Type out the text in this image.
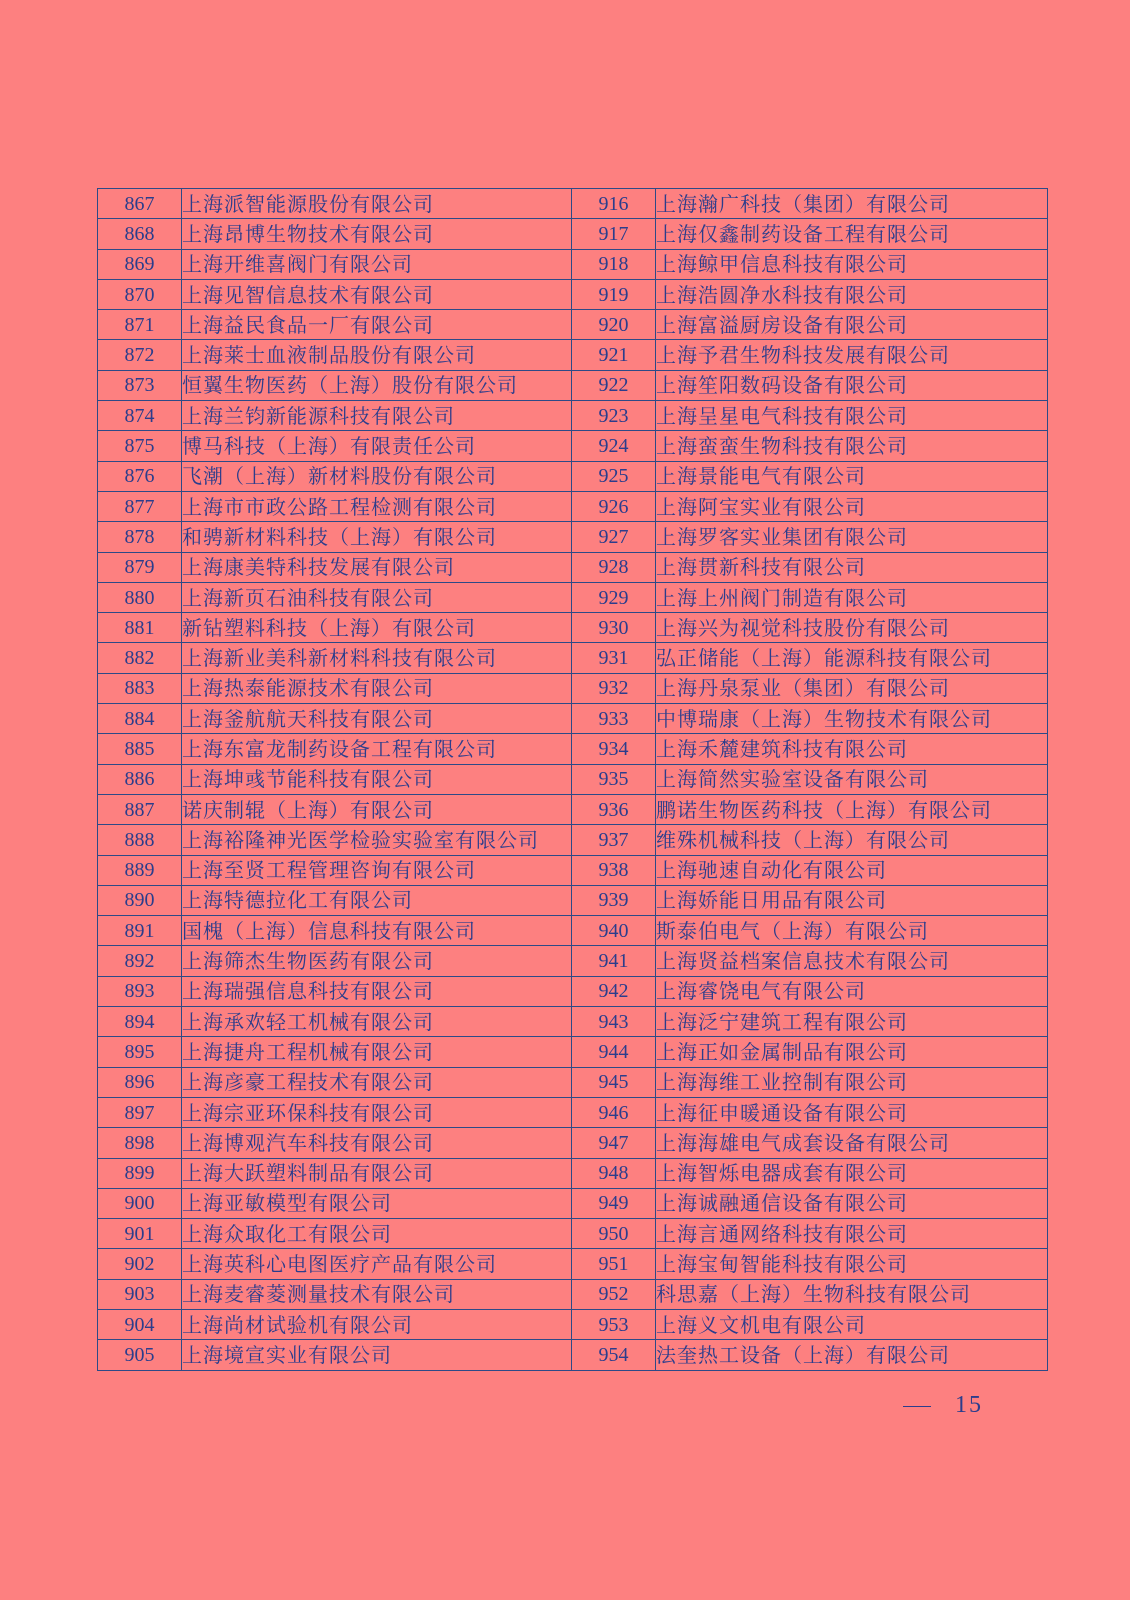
867	上海派智能源股份有限公司	916	上海瀚广科技（集团）有限公司
868	上海昂博生物技术有限公司	917	上海仅鑫制药设备工程有限公司
869	上海开维喜阀门有限公司	918	上海鲸甲信息科技有限公司
870	上海见智信息技术有限公司	919	上海浩圆净水科技有限公司
871	上海益民食品一厂有限公司	920	上海富溢厨房设备有限公司
872	上海莱士血液制品股份有限公司	921	上海予君生物科技发展有限公司
873	恒翼生物医药（上海）股份有限公司	922	上海笙阳数码设备有限公司
874	上海兰钧新能源科技有限公司	923	上海呈星电气科技有限公司
875	博马科技（上海）有限责任公司	924	上海蛮蛮生物科技有限公司
876	飞潮（上海）新材料股份有限公司	925	上海景能电气有限公司
877	上海市市政公路工程检测有限公司	926	上海阿宝实业有限公司
878	和骋新材料科技（上海）有限公司	927	上海罗客实业集团有限公司
879	上海康美特科技发展有限公司	928	上海贯新科技有限公司
880	上海新页石油科技有限公司	929	上海上州阀门制造有限公司
881	新钻塑料科技（上海）有限公司	930	上海兴为视觉科技股份有限公司
882	上海新业美科新材料科技有限公司	931	弘正储能（上海）能源科技有限公司
883	上海热泰能源技术有限公司	932	上海丹泉泵业（集团）有限公司
884	上海釜航航天科技有限公司	933	中博瑞康（上海）生物技术有限公司
885	上海东富龙制药设备工程有限公司	934	上海禾麓建筑科技有限公司
886	上海坤彧节能科技有限公司	935	上海简然实验室设备有限公司
887	诺庆制辊（上海）有限公司	936	鹏诺生物医药科技（上海）有限公司
888	上海裕隆神光医学检验实验室有限公司	937	维殊机械科技（上海）有限公司
889	上海至贤工程管理咨询有限公司	938	上海驰速自动化有限公司
890	上海特德拉化工有限公司	939	上海娇能日用品有限公司
891	国槐（上海）信息科技有限公司	940	斯泰伯电气（上海）有限公司
892	上海筛杰生物医药有限公司	941	上海贤益档案信息技术有限公司
893	上海瑞强信息科技有限公司	942	上海睿饶电气有限公司
894	上海承欢轻工机械有限公司	943	上海泛宁建筑工程有限公司
895	上海捷舟工程机械有限公司	944	上海正如金属制品有限公司
896	上海彦豪工程技术有限公司	945	上海海维工业控制有限公司
897	上海宗亚环保科技有限公司	946	上海征申暖通设备有限公司
898	上海博观汽车科技有限公司	947	上海海雄电气成套设备有限公司
899	上海大跃塑料制品有限公司	948	上海智烁电器成套有限公司
900	上海亚敏模型有限公司	949	上海诚融通信设备有限公司
901	上海众取化工有限公司	950	上海言通网络科技有限公司
902	上海英科心电图医疗产品有限公司	951	上海宝甸智能科技有限公司
903	上海麦睿菱测量技术有限公司	952	科思嘉（上海）生物科技有限公司
904	上海尚材试验机有限公司	953	上海义文机电有限公司
905	上海境宣实业有限公司	954	法奎热工设备（上海）有限公司
15
